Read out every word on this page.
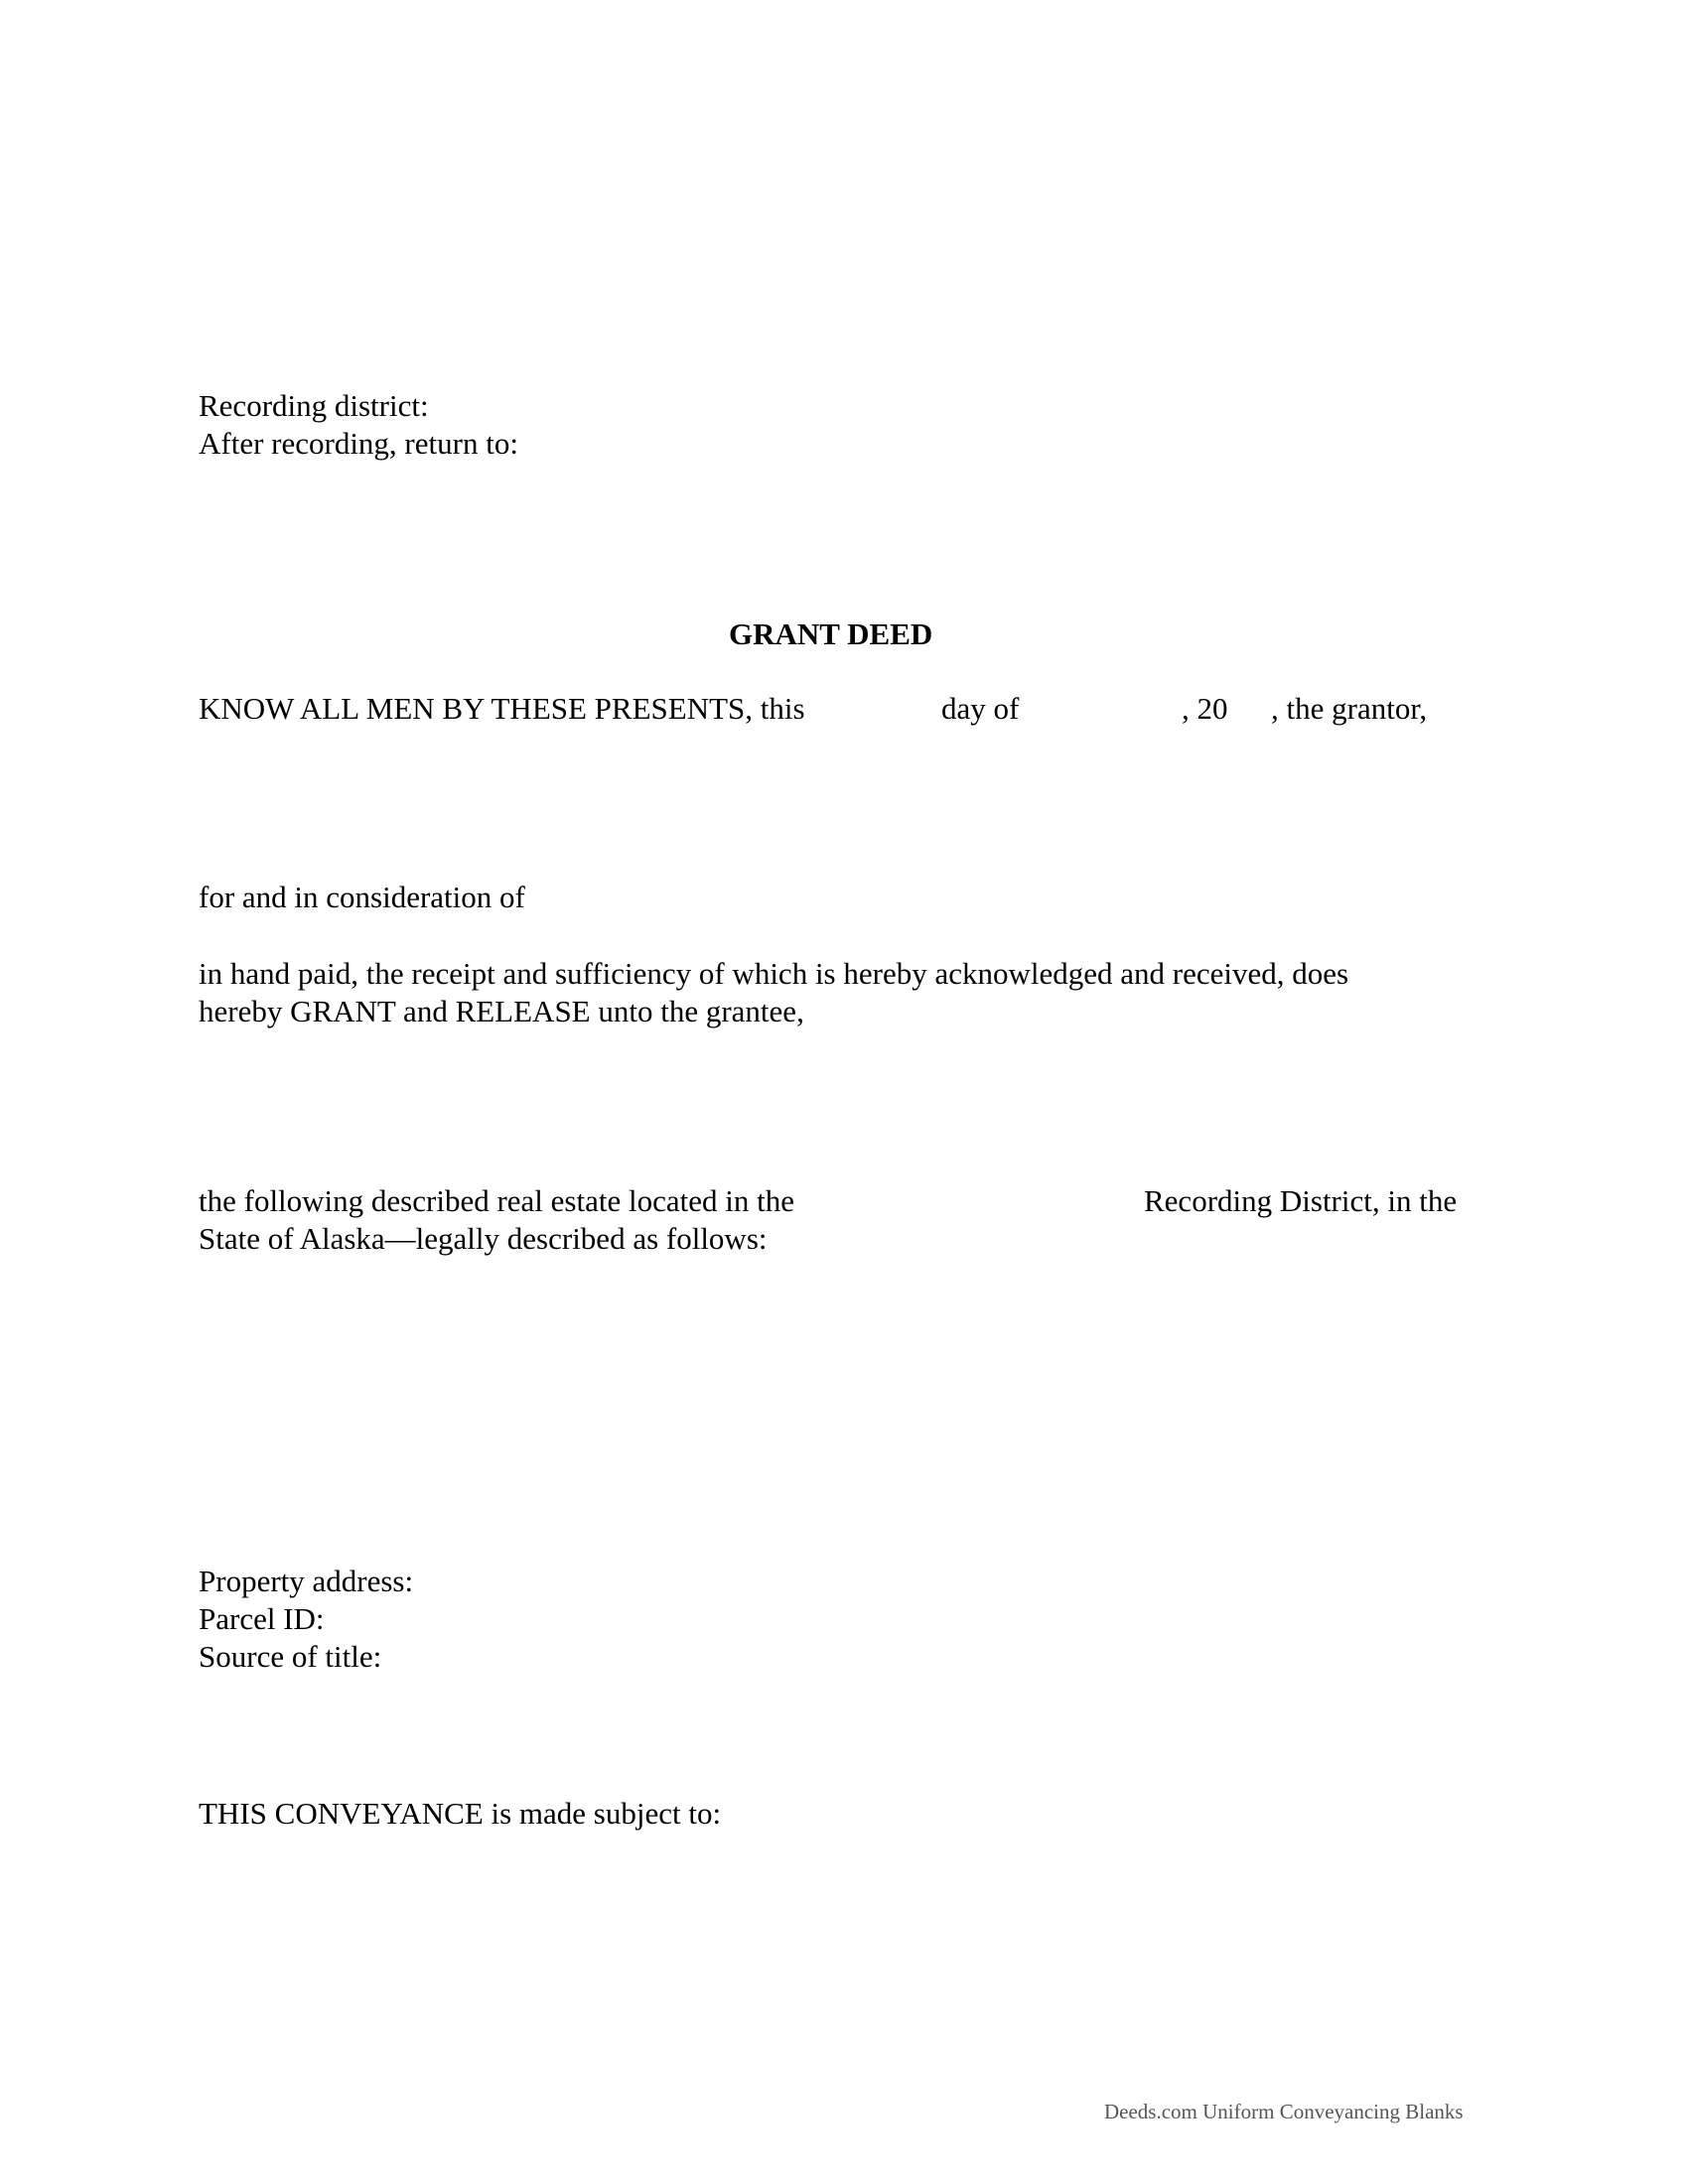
Recording district:

After recording, return to:

GRANT DEED

KNOW ALL MEN BY THESE PRESENTS, this	day of	, 20 , the grantor,

for and in consideration of

in hand paid, the receipt and sufficiency of which is hereby acknowledged and received, does

hereby GRANT and RELEASE unto the grantee,

the following described real estate located in the	Recording District, in the

State of Alaska—legally described as follows:

Property address:

Parcel ID:

Source of title:

THIS CONVEYANCE is made subject to:

Deeds.com Uniform Conveyancing Blanks
